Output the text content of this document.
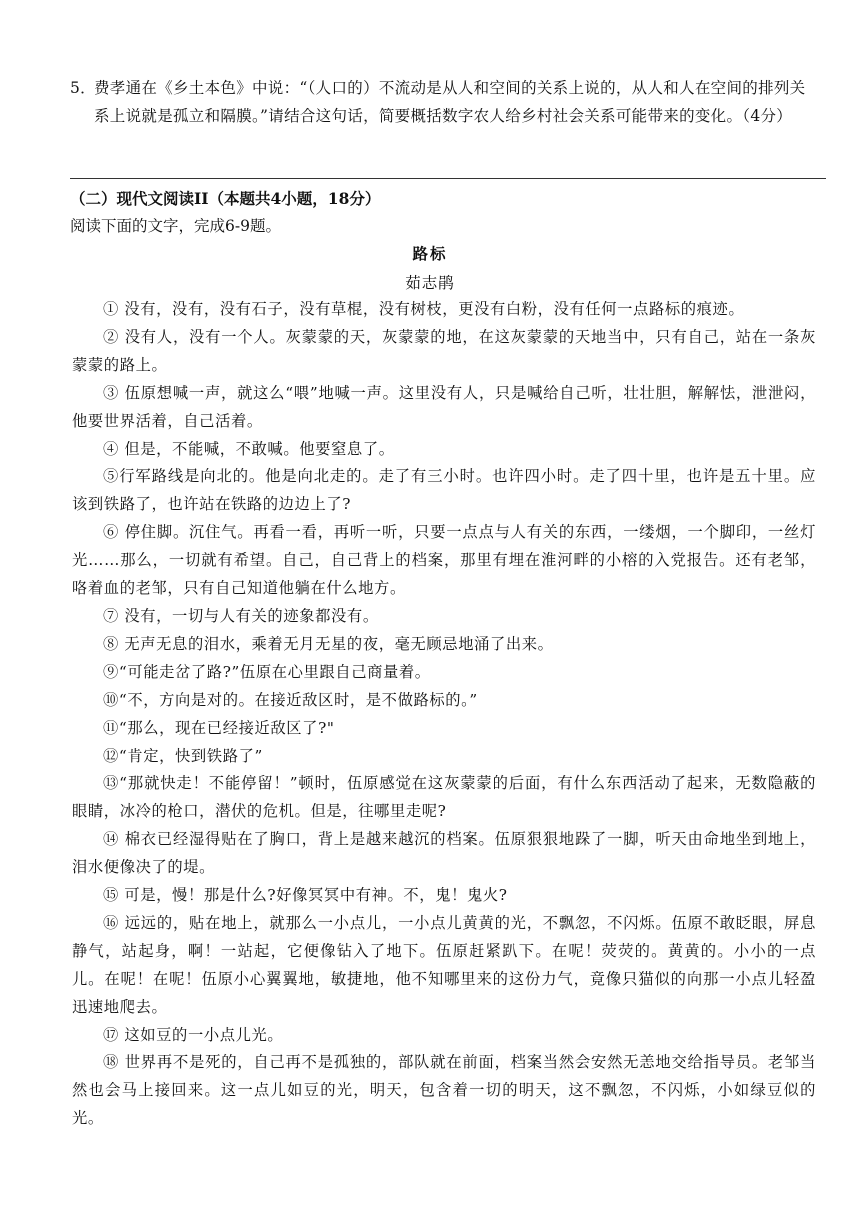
5．
费孝通在《乡土本色》中说：“（人口的）不流动是从人和空间的关系上说的，从人和人在空间的排列关系上说就是孤立和隔膜。”请结合这句话，简要概括数字农人给乡村社会关系可能带来的变化。（4分）
（二）现代文阅读II（本题共4小题，18分）
阅读下面的文字，完成6-9题。
路标
茹志鹃

① 没有，没有，没有石子，没有草棍，没有树枝，更没有白粉，没有任何一点路标的痕迹。

② 没有人，没有一个人。灰蒙蒙的天，灰蒙蒙的地，在这灰蒙蒙的天地当中，只有自己，站在一条灰蒙蒙的路上。

③ 伍原想喊一声，就这么“喂”地喊一声。这里没有人，只是喊给自己听，壮壮胆，解解怯，泄泄闷，他要世界活着，自己活着。

④ 但是，不能喊，不敢喊。他要窒息了。

⑤行军路线是向北的。他是向北走的。走了有三小时。也许四小时。走了四十里，也许是五十里。应该到铁路了，也许站在铁路的边边上了?

⑥ 停住脚。沉住气。再看一看，再听一听，只要一点点与人有关的东西，一缕烟，一个脚印，一丝灯光……那么，一切就有希望。自己，自己背上的档案，那里有埋在淮河畔的小榕的入党报告。还有老邹，咯着血的老邹，只有自己知道他躺在什么地方。

⑦ 没有，一切与人有关的迹象都没有。

⑧ 无声无息的泪水，乘着无月无星的夜，毫无顾忌地涌了出来。

⑨“可能走岔了路?”伍原在心里跟自己商量着。

⑩“不，方向是对的。在接近敌区时，是不做路标的。”

⑪“那么，现在已经接近敌区了?"

⑫“肯定，快到铁路了”

⑬“那就快走！不能停留！”顿时，伍原感觉在这灰蒙蒙的后面，有什么东西活动了起来，无数隐蔽的眼睛，冰冷的枪口，潜伏的危机。但是，往哪里走呢?

⑭ 棉衣已经湿得贴在了胸口，背上是越来越沉的档案。伍原狠狠地跺了一脚，听天由命地坐到地上，泪水便像决了的堤。

⑮ 可是，慢！那是什么?好像冥冥中有神。不，鬼！鬼火?

⑯ 远远的，贴在地上，就那么一小点儿，一小点儿黄黄的光，不飘忽，不闪烁。伍原不敢眨眼，屏息静气，站起身，啊！一站起，它便像钻入了地下。伍原赶紧趴下。在呢！荧荧的。黄黄的。小小的一点儿。在呢！在呢！伍原小心翼翼地，敏捷地，他不知哪里来的这份力气，竟像只猫似的向那一小点儿轻盈迅速地爬去。

⑰ 这如豆的一小点儿光。

⑱ 世界再不是死的，自己再不是孤独的，部队就在前面，档案当然会安然无恙地交给指导员。老邹当然也会马上接回来。这一点儿如豆的光，明天，包含着一切的明天，这不飘忽，不闪烁，小如绿豆似的光。
